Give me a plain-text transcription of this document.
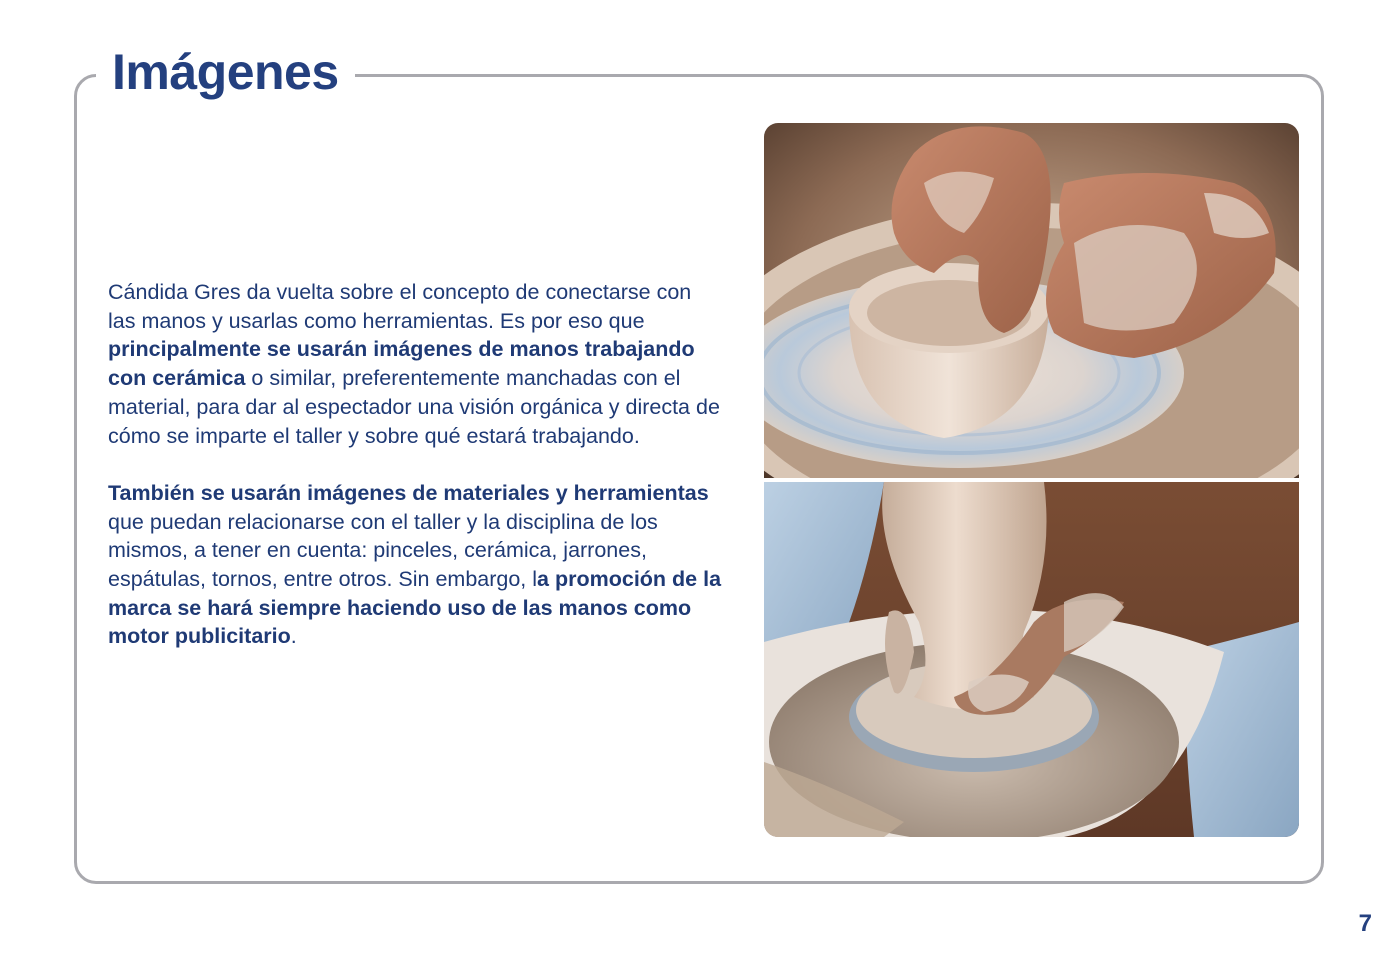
Imágenes

Cándida Gres da vuelta sobre el concepto de conectarse con las manos y usarlas como herramientas. Es por eso que principalmente se usarán imágenes de manos trabajando con cerámica o similar, preferentemente manchadas con el material, para dar al espectador una visión orgánica y directa de cómo se imparte el taller y sobre qué estará trabajando.

También se usarán imágenes de materiales y herramientas que puedan relacionarse con el taller y la disciplina de los mismos, a tener en cuenta: pinceles, cerámica, jarrones, espátulas, tornos, entre otros. Sin embargo, la promoción de la marca se hará siempre haciendo uso de las manos como motor publicitario.

7
